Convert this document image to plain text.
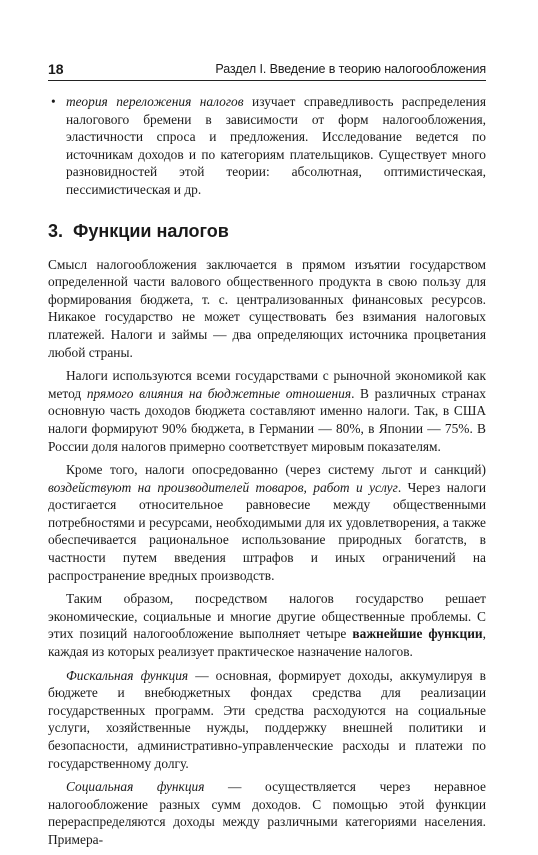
18	Раздел I. Введение в теорию налогообложения
• теория переложения налогов изучает справедливость распределения налогового бремени в зависимости от форм налогообложения, эластичности спроса и предложения. Исследование ведется по источникам доходов и по категориям плательщиков. Существует много разновидностей этой теории: абсолютная, оптимистическая, пессимистическая и др.
3. Функции налогов

Смысл налогообложения заключается в прямом изъятии государством определенной части валового общественного продукта в свою пользу для формирования бюджета, т. с. централизованных финансовых ресурсов. Никакое государство не может существовать без взимания налоговых платежей. Налоги и займы — два определяющих источника процветания любой страны.

Налоги используются всеми государствами с рыночной экономикой как метод прямого влияния на бюджетные отношения. В различных странах основную часть доходов бюджета составляют именно налоги. Так, в США налоги формируют 90% бюджета, в Германии — 80%, в Японии — 75%. В России доля налогов примерно соответствует мировым показателям.

Кроме того, налоги опосредованно (через систему льгот и санкций) воздействуют на производителей товаров, работ и услуг. Через налоги достигается относительное равновесие между общественными потребностями и ресурсами, необходимыми для их удовлетворения, а также обеспечивается рациональное использование природных богатств, в частности путем введения штрафов и иных ограничений на распространение вредных производств.

Таким образом, посредством налогов государство решает экономические, социальные и многие другие общественные проблемы. С этих позиций налогообложение выполняет четыре важнейшие функции, каждая из которых реализует практическое назначение налогов.

Фискальная функция — основная, формирует доходы, аккумулируя в бюджете и внебюджетных фондах средства для реализации государственных программ. Эти средства расходуются на социальные услуги, хозяйственные нужды, поддержку внешней политики и безопасности, административно-управленческие расходы и платежи по государственному долгу.

Социальная функция — осуществляется через неравное налогообложение разных сумм доходов. С помощью этой функции перераспределяются доходы между различными категориями населения. Примера-
